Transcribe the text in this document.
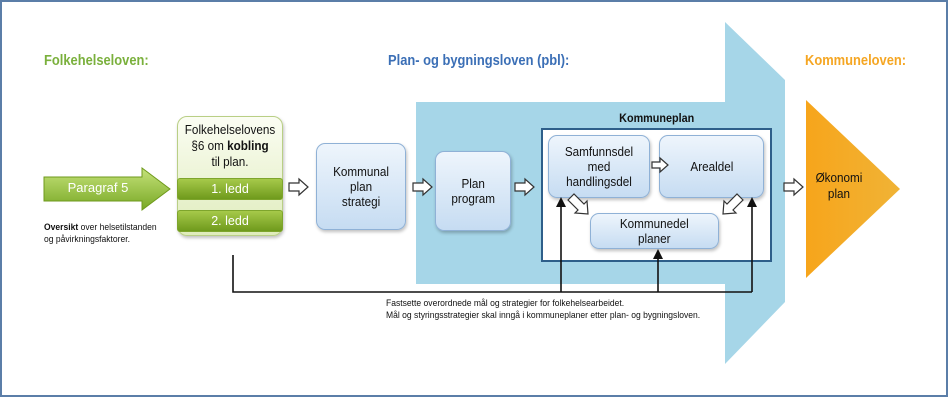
Folkehelseloven:	Plan- og bygningsloven (pbl):	Kommuneloven:
Paragraf 5
Oversikt over helsetilstanden
og påvirkningsfaktorer.
Folkehelselovens
§6 om kobling
til plan.
1. ledd
2. ledd
Kommunal
plan
strategi
Plan
program
Kommuneplan
Samfunnsdel
med handlingsdel
Arealdel
Kommunedel
planer
Økonomi
plan
Fastsette overordnede mål og strategier for folkehelsearbeidet.
Mål og styringsstrategier skal inngå i kommuneplaner etter plan- og bygningsloven.
